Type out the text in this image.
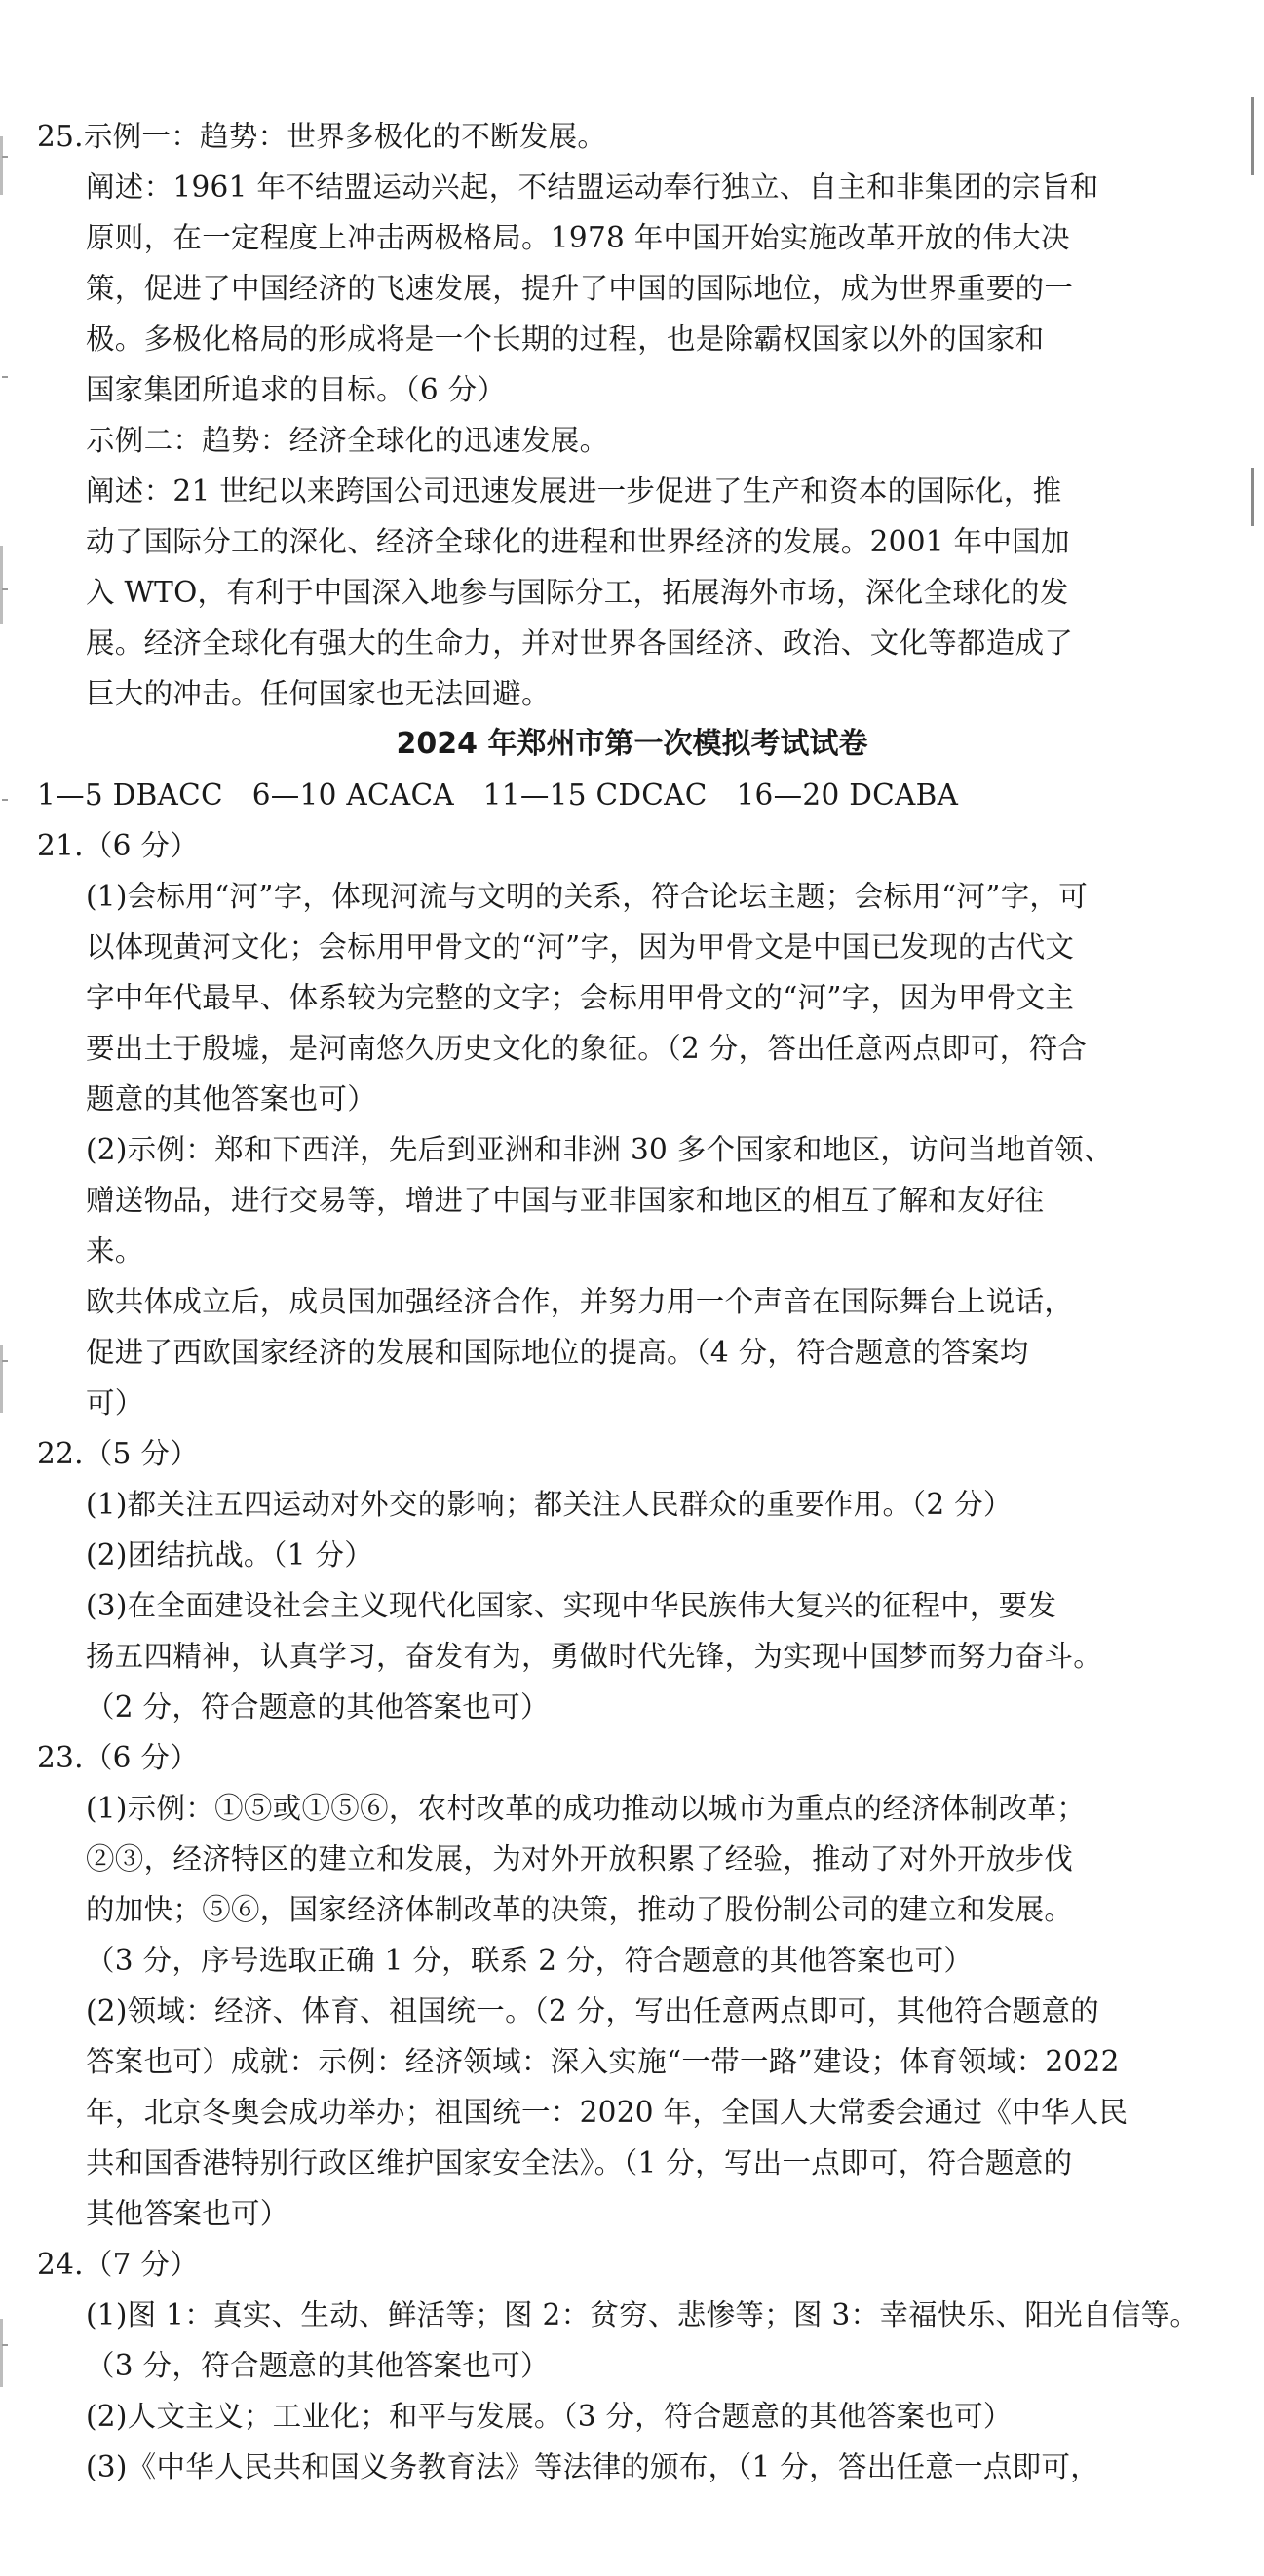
25.示例一：趋势：世界多极化的不断发展。
阐述：1961 年不结盟运动兴起，不结盟运动奉行独立、自主和非集团的宗旨和
原则，在一定程度上冲击两极格局。1978 年中国开始实施改革开放的伟大决
策，促进了中国经济的飞速发展，提升了中国的国际地位，成为世界重要的一
极。多极化格局的形成将是一个长期的过程，也是除霸权国家以外的国家和
国家集团所追求的目标。（6 分）
示例二：趋势：经济全球化的迅速发展。
阐述：21 世纪以来跨国公司迅速发展进一步促进了生产和资本的国际化，推
动了国际分工的深化、经济全球化的进程和世界经济的发展。2001 年中国加
入 WTO，有利于中国深入地参与国际分工，拓展海外市场，深化全球化的发
展。经济全球化有强大的生命力，并对世界各国经济、政治、文化等都造成了
巨大的冲击。任何国家也无法回避。
2024 年郑州市第一次模拟考试试卷
1—5 DBACC　6—10 ACACA　11—15 CDCAC　16—20 DCABA
21.（6 分）
(1)会标用“河”字，体现河流与文明的关系，符合论坛主题；会标用“河”字，可
以体现黄河文化；会标用甲骨文的“河”字，因为甲骨文是中国已发现的古代文
字中年代最早、体系较为完整的文字；会标用甲骨文的“河”字，因为甲骨文主
要出土于殷墟，是河南悠久历史文化的象征。（2 分，答出任意两点即可，符合
题意的其他答案也可）
(2)示例：郑和下西洋，先后到亚洲和非洲 30 多个国家和地区，访问当地首领、
赠送物品，进行交易等，增进了中国与亚非国家和地区的相互了解和友好往
来。
欧共体成立后，成员国加强经济合作，并努力用一个声音在国际舞台上说话，
促进了西欧国家经济的发展和国际地位的提高。（4 分，符合题意的答案均
可）
22.（5 分）
(1)都关注五四运动对外交的影响；都关注人民群众的重要作用。（2 分）
(2)团结抗战。（1 分）
(3)在全面建设社会主义现代化国家、实现中华民族伟大复兴的征程中，要发
扬五四精神，认真学习，奋发有为，勇做时代先锋，为实现中国梦而努力奋斗。
（2 分，符合题意的其他答案也可）
23.（6 分）
(1)示例：①⑤或①⑤⑥，农村改革的成功推动以城市为重点的经济体制改革；
②③，经济特区的建立和发展，为对外开放积累了经验，推动了对外开放步伐
的加快；⑤⑥，国家经济体制改革的决策，推动了股份制公司的建立和发展。
（3 分，序号选取正确 1 分，联系 2 分，符合题意的其他答案也可）
(2)领域：经济、体育、祖国统一。（2 分，写出任意两点即可，其他符合题意的
答案也可）成就：示例：经济领域：深入实施“一带一路”建设；体育领域：2022
年，北京冬奥会成功举办；祖国统一：2020 年，全国人大常委会通过《中华人民
共和国香港特别行政区维护国家安全法》。（1 分，写出一点即可，符合题意的
其他答案也可）
24.（7 分）
(1)图 1：真实、生动、鲜活等；图 2：贫穷、悲惨等；图 3：幸福快乐、阳光自信等。
（3 分，符合题意的其他答案也可）
(2)人文主义；工业化；和平与发展。（3 分，符合题意的其他答案也可）
(3)《中华人民共和国义务教育法》等法律的颁布，（1 分，答出任意一点即可，
